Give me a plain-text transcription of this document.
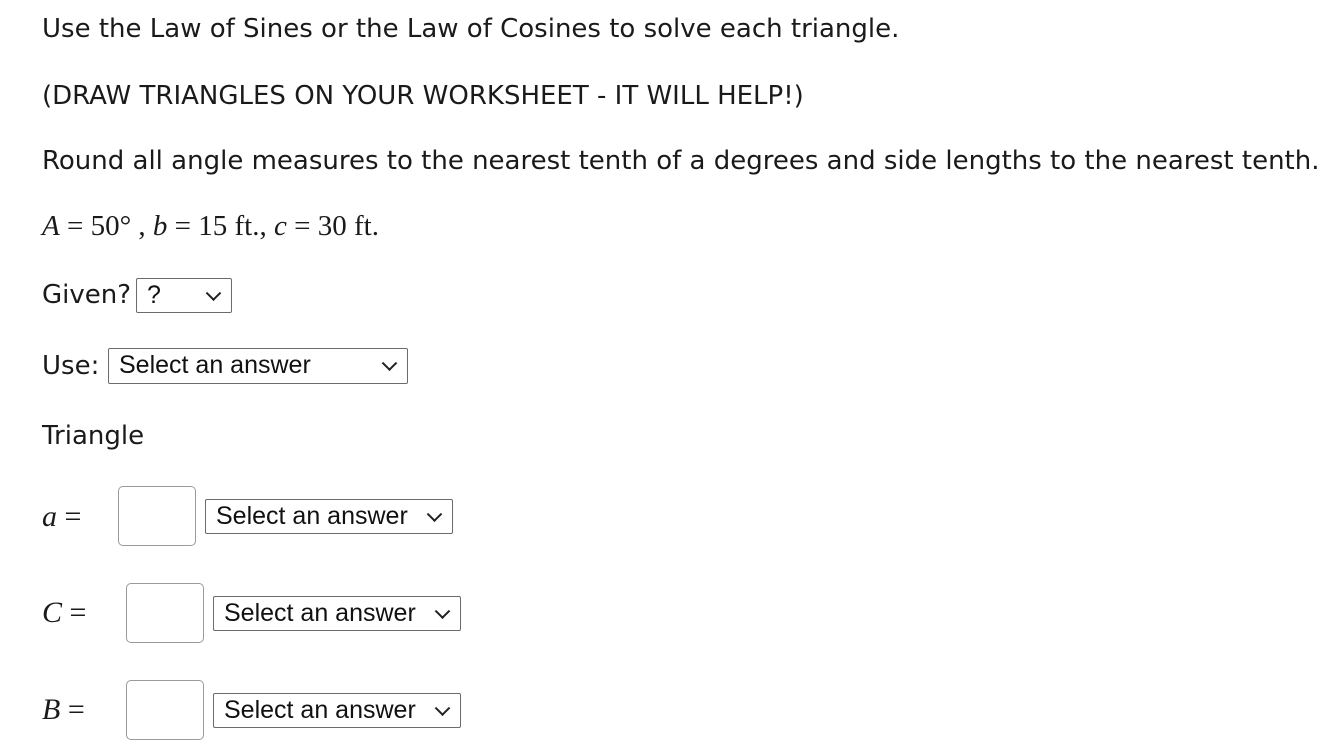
Use the Law of Sines or the Law of Cosines to solve each triangle.
(DRAW TRIANGLES ON YOUR WORKSHEET - IT WILL HELP!)
Round all angle measures to the nearest tenth of a degrees and side lengths to the nearest tenth.
A = 50° , b = 15 ft., c = 30 ft.
Given? ?
Use: Select an answer
Triangle
a =	Select an answer
C =	Select an answer
B =	Select an answer
